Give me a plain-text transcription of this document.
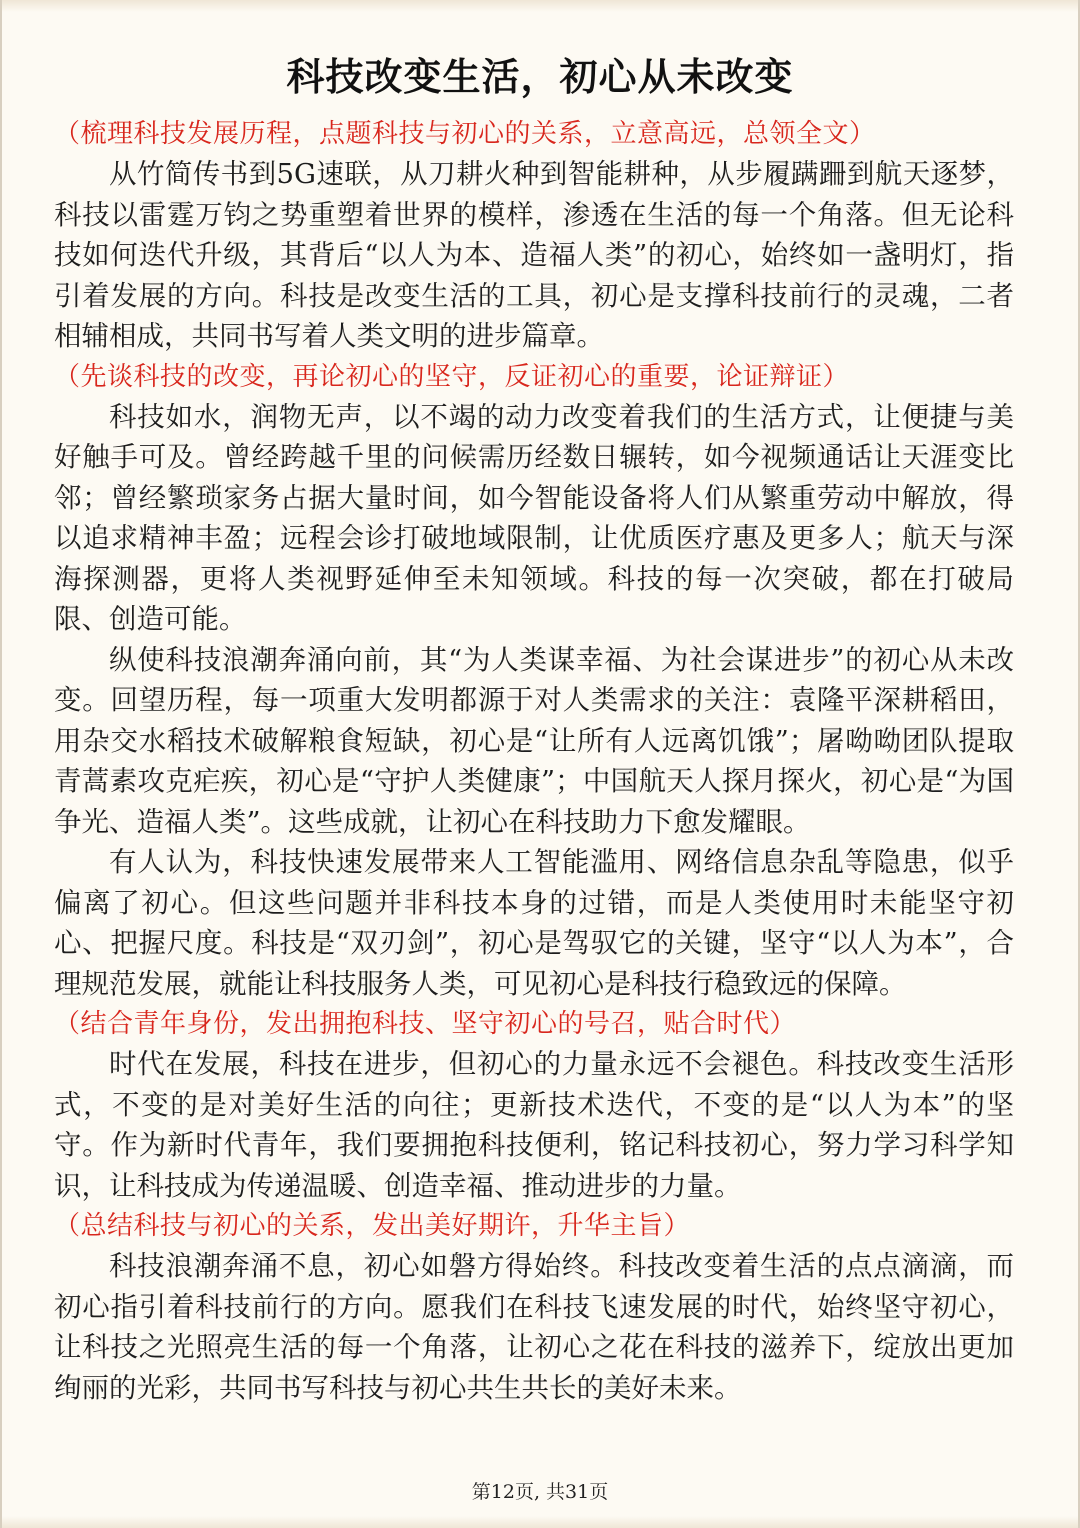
科技改变生活，初心从未改变

（梳理科技发展历程，点题科技与初心的关系，立意高远，总领全文）

从竹简传书到5G速联，从刀耕火种到智能耕种，从步履蹒跚到航天逐梦，科技以雷霆万钧之势重塑着世界的模样，渗透在生活的每一个角落。但无论科技如何迭代升级，其背后“以人为本、造福人类”的初心，始终如一盏明灯，指引着发展的方向。科技是改变生活的工具，初心是支撑科技前行的灵魂，二者相辅相成，共同书写着人类文明的进步篇章。

（先谈科技的改变，再论初心的坚守，反证初心的重要，论证辩证）

科技如水，润物无声，以不竭的动力改变着我们的生活方式，让便捷与美好触手可及。曾经跨越千里的问候需历经数日辗转，如今视频通话让天涯变比邻；曾经繁琐家务占据大量时间，如今智能设备将人们从繁重劳动中解放，得以追求精神丰盈；远程会诊打破地域限制，让优质医疗惠及更多人；航天与深海探测器，更将人类视野延伸至未知领域。科技的每一次突破，都在打破局限、创造可能。

纵使科技浪潮奔涌向前，其“为人类谋幸福、为社会谋进步”的初心从未改变。回望历程，每一项重大发明都源于对人类需求的关注：袁隆平深耕稻田，用杂交水稻技术破解粮食短缺，初心是“让所有人远离饥饿”；屠呦呦团队提取青蒿素攻克疟疾，初心是“守护人类健康”；中国航天人探月探火，初心是“为国争光、造福人类”。这些成就，让初心在科技助力下愈发耀眼。

有人认为，科技快速发展带来人工智能滥用、网络信息杂乱等隐患，似乎偏离了初心。但这些问题并非科技本身的过错，而是人类使用时未能坚守初心、把握尺度。科技是“双刃剑”，初心是驾驭它的关键，坚守“以人为本”，合理规范发展，就能让科技服务人类，可见初心是科技行稳致远的保障。

（结合青年身份，发出拥抱科技、坚守初心的号召，贴合时代）

时代在发展，科技在进步，但初心的力量永远不会褪色。科技改变生活形式，不变的是对美好生活的向往；更新技术迭代，不变的是“以人为本”的坚守。作为新时代青年，我们要拥抱科技便利，铭记科技初心，努力学习科学知识，让科技成为传递温暖、创造幸福、推动进步的力量。

（总结科技与初心的关系，发出美好期许，升华主旨）

科技浪潮奔涌不息，初心如磐方得始终。科技改变着生活的点点滴滴，而初心指引着科技前行的方向。愿我们在科技飞速发展的时代，始终坚守初心，让科技之光照亮生活的每一个角落，让初心之花在科技的滋养下，绽放出更加绚丽的光彩，共同书写科技与初心共生共长的美好未来。

第12页, 共31页
